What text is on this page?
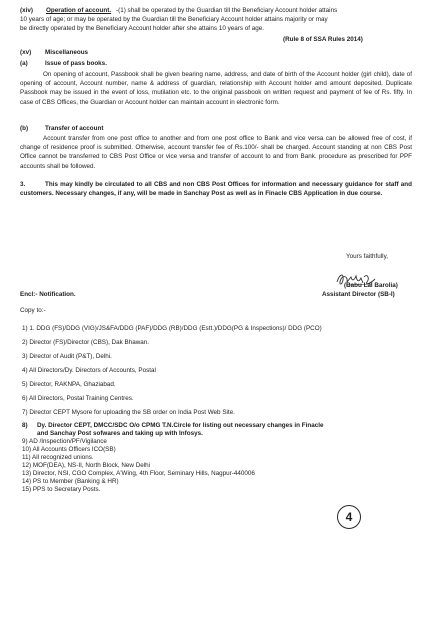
(xiv) Operation of account. -(1) shall be operated by the Guardian till the Beneficiary Account holder attains
10 years of age; or may be operated by the Guardian till the Beneficiary Account holder attains majority or may
be directly operated by the Beneficiary Account holder after she attains 10 years of age.
(Rule 8 of SSA Rules 2014)
(xv) Miscellaneous
(a)	Issue of pass books.
On opening of account, Passbook shall be given bearing name, address, and date of birth of the Account holder (girl child), date of opening of account, Account number, name & address of guardian, relationship with Account holder amd amount deposited. Duplicate Passbook may be issued in the event of loss, mutilation etc. to the original passbook on written request and payment of fee of Rs. fifty. In case of CBS Offices, the Guardian or Account holder can maintain account in electronic form.
(b)	Transfer of account
Account transfer from one post office to another and from one post office to Bank and vice versa can be allowed free of cost, if change of residence proof is submitted. Otherwise, account transfer fee of Rs.100/- shall be charged. Account standing at non CBS Post Office cannot be transferred to CBS Post Office or vice versa and transfer of account to and from Bank. procedure as prescribed for PPF accounts shall be followed.
3.	This may kindly be circulated to all CBS and non CBS Post Offices for information and necessary guidance for staff and customers. Necessary changes, if any, will be made in Sanchay Post as well as in Finacle CBS Application in due course.
Yours faithfully,
(Babu Lal Barolia)
Assistant Director (SB-I)
Encl:- Notification.
Copy to:-
1) 1. DDG (FS)/DDG (VIG)/JS&FA/DDG (PAF)/DDG (RB)/DDG (Estt.)/DDG(PG & Inspections)/ DDG (PCO)
2) Director (FS)/Director (CBS), Dak Bhawan.
3) Director of Audit (P&T), Delhi.
4) All Directors/Dy. Directors of Accounts, Postal
5) Director, RAKNPA, Ghaziabad.
6) All Directors, Postal Training Centres.
7) Director CEPT Mysore for uploading the SB order on India Post Web Site.
8) Dy. Director CEPT, DMCC/SDC O/o CPMG T.N.Circle for listing out necessary changes in Finacle
and Sanchay Post sofwares and taking up with Infosys.
9) AD /Inspection/PF/Vigilance
10) All Accounts Officers ICO(SB)
11) All recognized unions.
12) MOF(DEA), NS-II, North Block, New Delhi
13) Director, NSI, CGO Complex, A'Wing, 4th Floor, Seminary Hills, Nagpur-440006
14) PS to Member (Banking & HR)
15) PPS to Secretary Posts.
4
